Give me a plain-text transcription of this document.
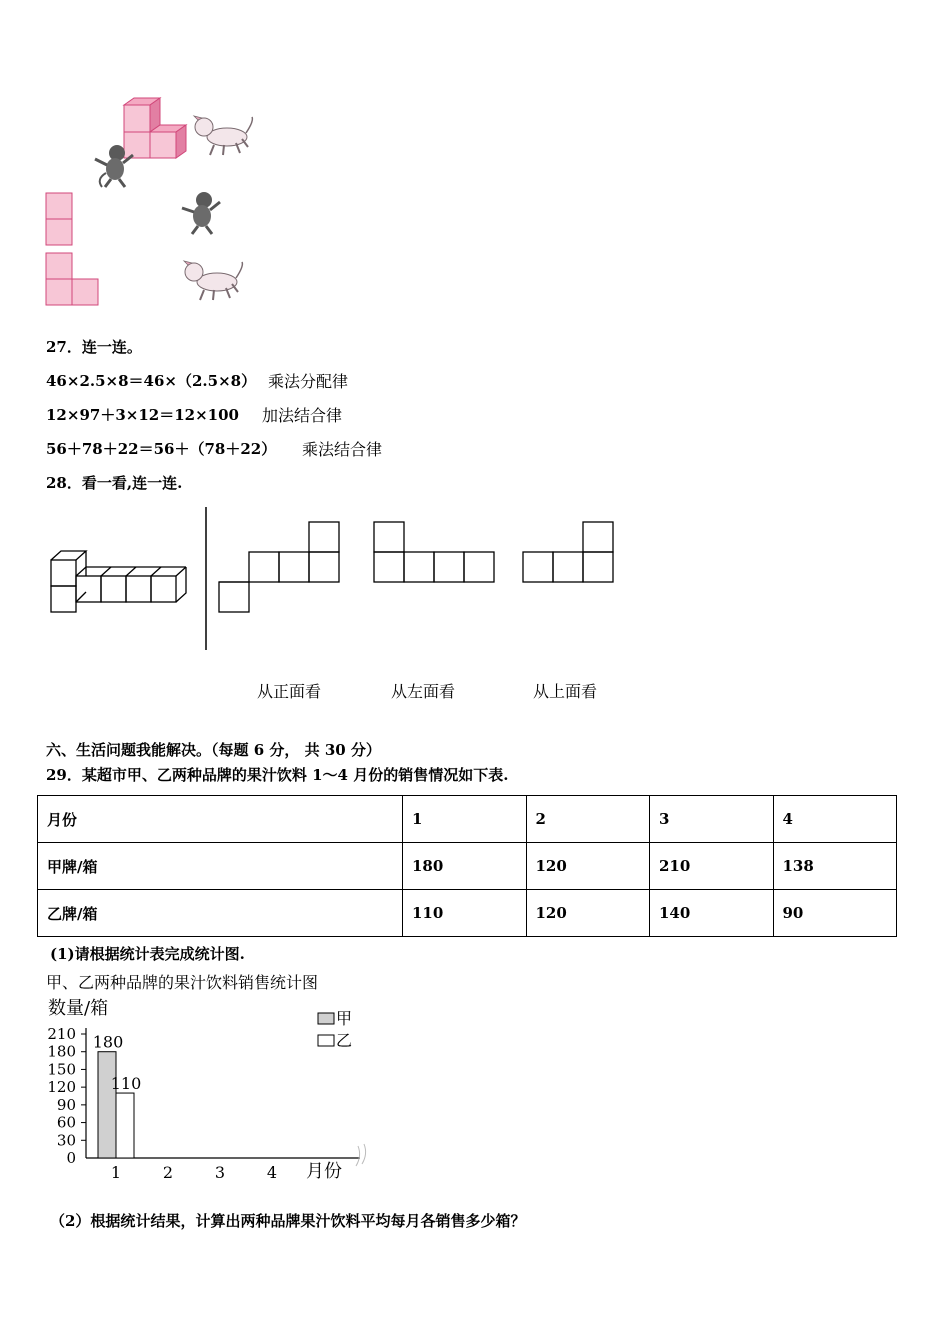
27．连一连。
46×2.5×8＝46×（2.5×8） 乘法分配律
12×97＋3×12＝12×100 加法结合律
56＋78＋22＝56＋（78＋22） 乘法结合律
28．看一看,连一连.
从正面看	从左面看	从上面看
六、生活问题我能解决。（每题 6 分， 共 30 分）
29．某超市甲、乙两种品牌的果汁饮料 1～4 月份的销售情况如下表.
月份	1	2	3	4
甲牌/箱	180	120	210	138
乙牌/箱	110	120	140	90
(1)请根据统计表完成统计图.
甲、乙两种品牌的果汁饮料销售统计图
数量/箱
月份
0
30
60
90
120
150
180
210
1	2	3	4
180
110
甲
乙
（2）根据统计结果，计算出两种品牌果汁饮料平均每月各销售多少箱？
